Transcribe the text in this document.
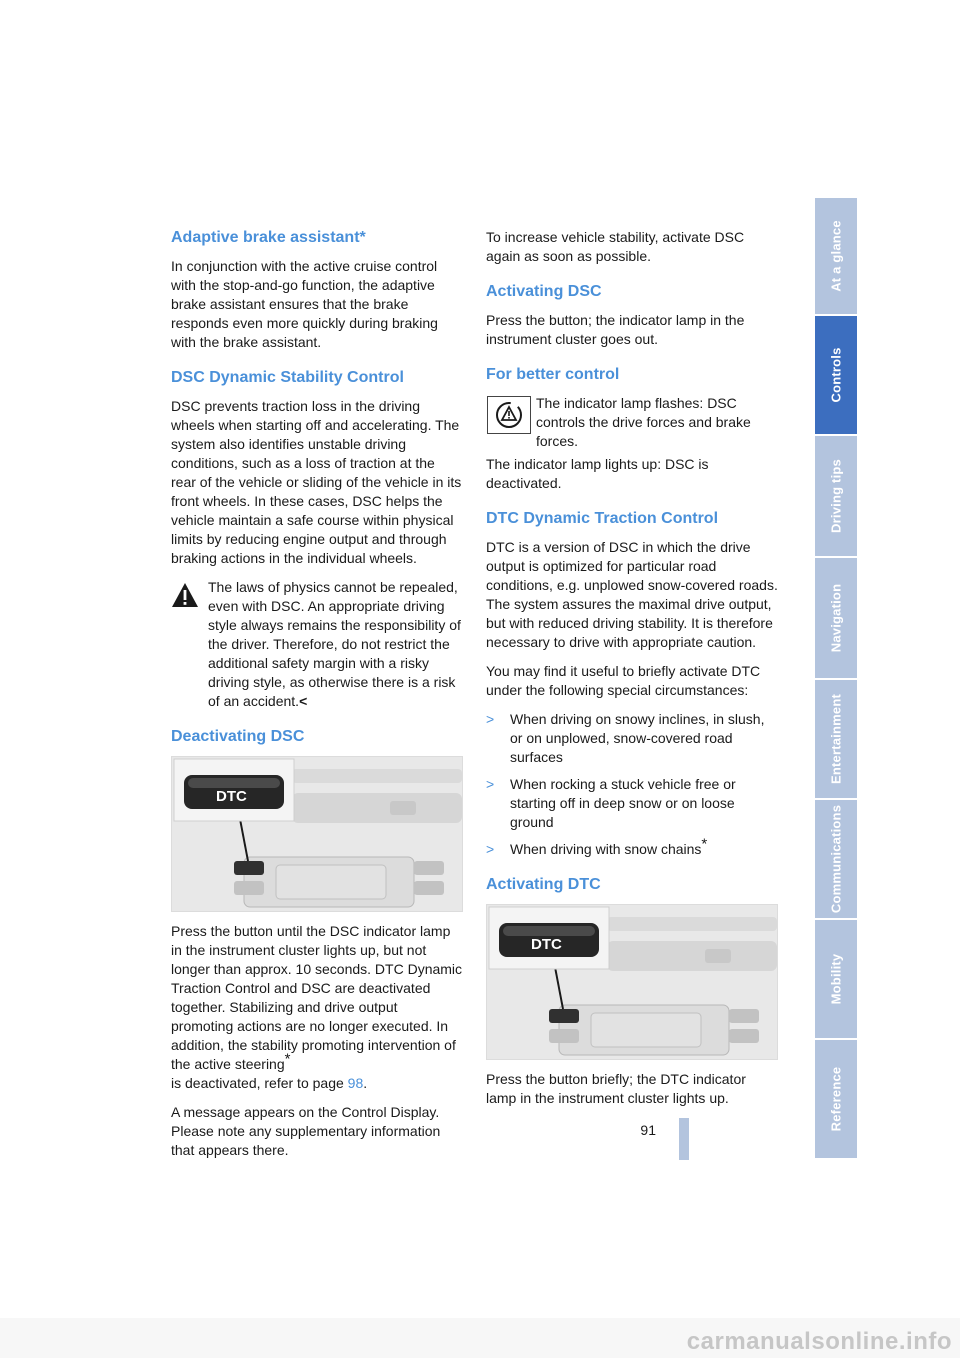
Adaptive brake assistant*

In conjunction with the active cruise control with the stop-and-go function, the adaptive brake assistant ensures that the brake responds even more quickly during braking with the brake assistant.

DSC Dynamic Stability Control

DSC prevents traction loss in the driving wheels when starting off and accelerating. The system also identifies unstable driving conditions, such as a loss of traction at the rear of the vehicle or sliding of the vehicle in its front wheels. In these cases, DSC helps the vehicle maintain a safe course within physical limits by reducing engine output and through braking actions in the individual wheels.

The laws of physics cannot be repealed, even with DSC. An appropriate driving style always remains the responsibility of the driver. Therefore, do not restrict the additional safety margin with a risky driving style, as otherwise there is a risk of an accident.<
Deactivating DSC
DTC

Press the button until the DSC indicator lamp in the instrument cluster lights up, but not longer than approx. 10 seconds. DTC Dynamic Traction Control and DSC are deactivated together. Stabilizing and drive output promoting actions are no longer executed. In addition, the stability promoting intervention of the active steering*
is deactivated, refer to page 98.

A message appears on the Control Display. Please note any supplementary information that appears there.

To increase vehicle stability, activate DSC again as soon as possible.

Activating DSC

Press the button; the indicator lamp in the instrument cluster goes out.

For better control
The indicator lamp flashes: DSC controls the drive forces and brake forces.

The indicator lamp lights up: DSC is deactivated.

DTC Dynamic Traction Control

DTC is a version of DSC in which the drive output is optimized for particular road conditions, e.g. unplowed snow-covered roads. The system assures the maximal drive output, but with reduced driving stability. It is therefore necessary to drive with appropriate caution.

You may find it useful to briefly activate DTC under the following special circumstances:

> When driving on snowy inclines, in slush, or on unplowed, snow-covered road surfaces
> When rocking a stuck vehicle free or starting off in deep snow or on loose ground
> When driving with snow chains*
Activating DTC
DTC

Press the button briefly; the DTC indicator lamp in the instrument cluster lights up.

At a glance
Controls
Driving tips
Navigation
Entertainment
Communications
Mobility
Reference
91
carmanualsonline.info
